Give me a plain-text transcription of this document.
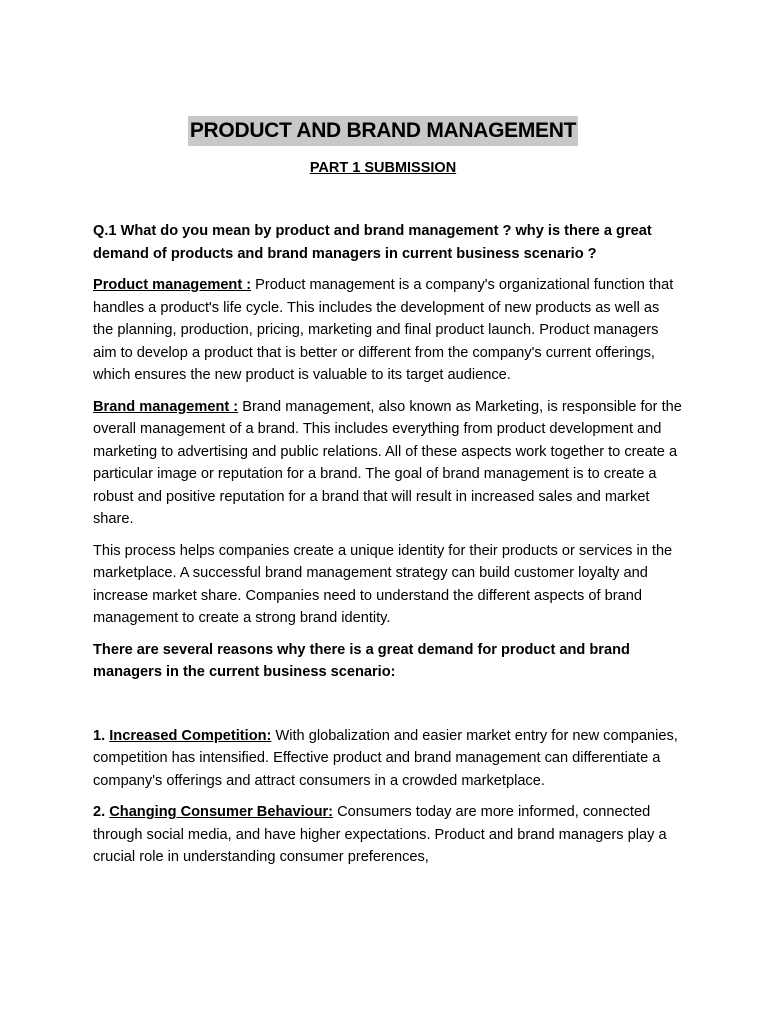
PRODUCT AND BRAND MANAGEMENT
PART 1 SUBMISSION

Q.1 What do you mean by product and brand management ? why is there a great demand of products and brand managers in current business scenario ?

Product management : Product management is a company's organizational function that handles a product's life cycle. This includes the development of new products as well as the planning, production, pricing, marketing and final product launch. Product managers aim to develop a product that is better or different from the company's current offerings, which ensures the new product is valuable to its target audience.

Brand management : Brand management, also known as Marketing, is responsible for the overall management of a brand. This includes everything from product development and marketing to advertising and public relations. All of these aspects work together to create a particular image or reputation for a brand. The goal of brand management is to create a robust and positive reputation for a brand that will result in increased sales and market share.

This process helps companies create a unique identity for their products or services in the marketplace. A successful brand management strategy can build customer loyalty and increase market share. Companies need to understand the different aspects of brand management to create a strong brand identity.

There are several reasons why there is a great demand for product and brand managers in the current business scenario:

1. Increased Competition: With globalization and easier market entry for new companies, competition has intensified. Effective product and brand management can differentiate a company's offerings and attract consumers in a crowded marketplace.

2. Changing Consumer Behaviour: Consumers today are more informed, connected through social media, and have higher expectations. Product and brand managers play a crucial role in understanding consumer preferences,
